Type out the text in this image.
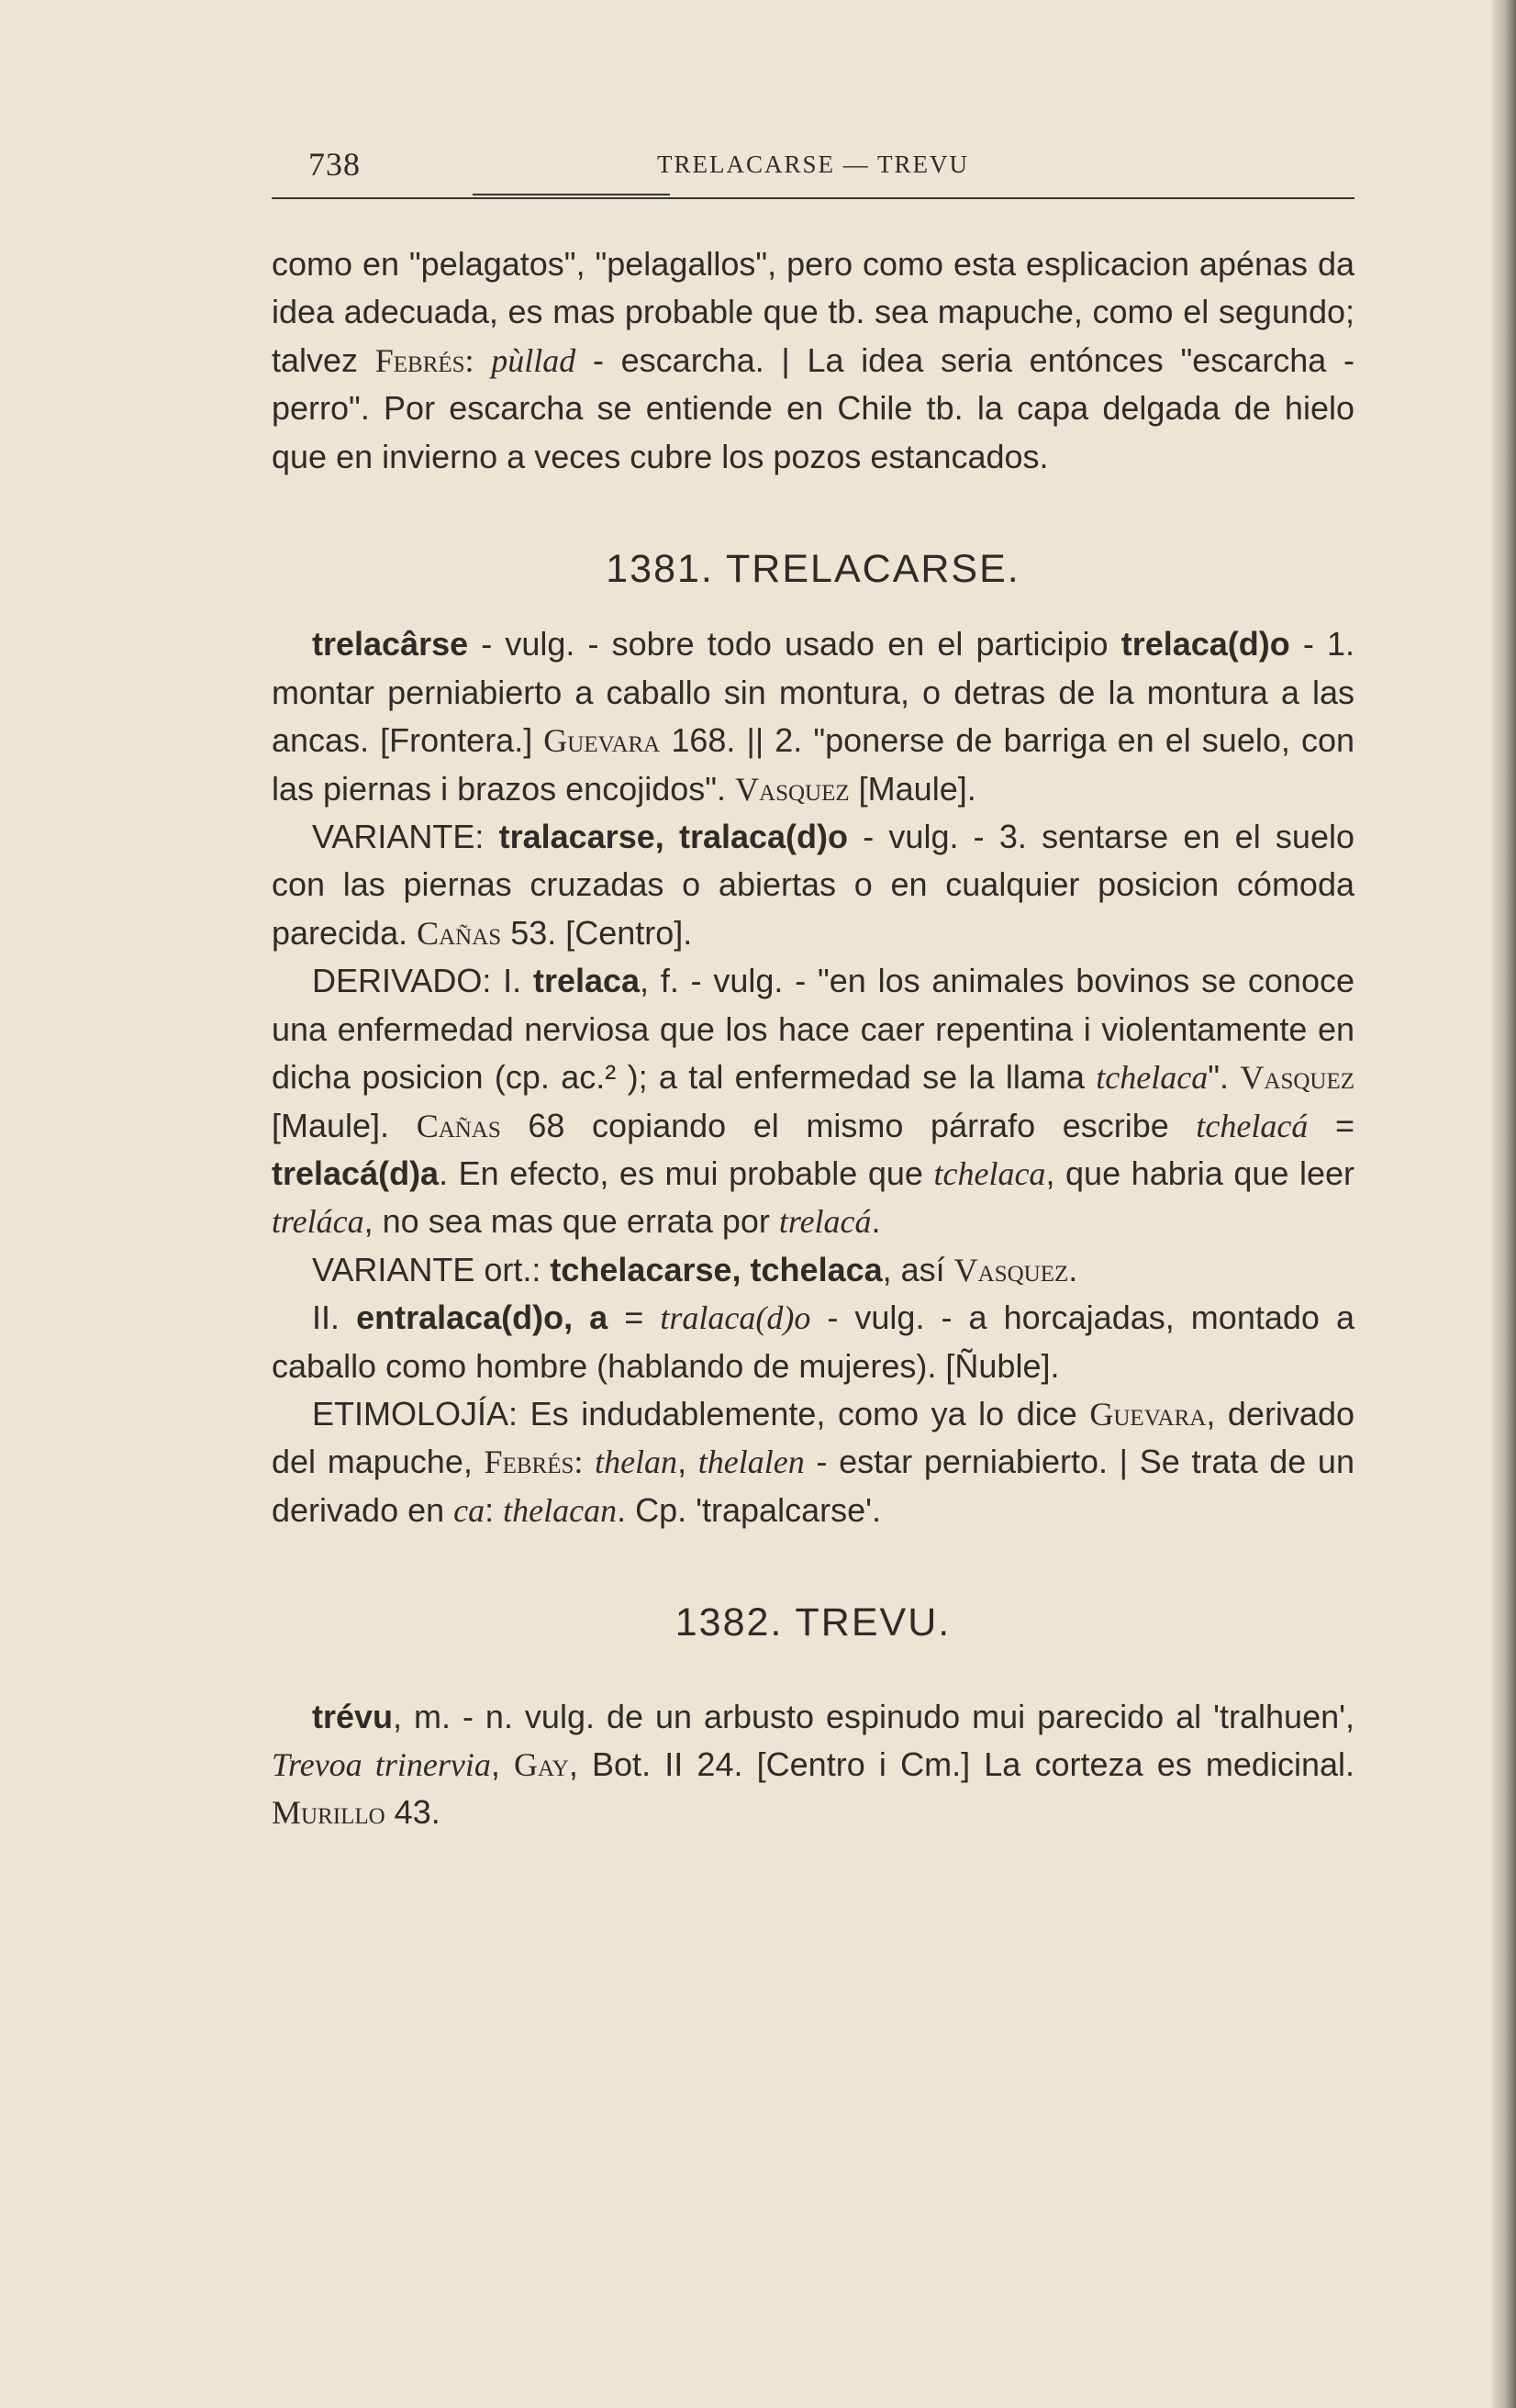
738	TRELACARSE — TREVU

como en "pelagatos", "pelagallos", pero como esta esplicacion apénas da idea adecuada, es mas probable que tb. sea mapuche, como el segundo; talvez Febrés: pùllad - escarcha. | La idea seria entónces "escarcha - perro". Por escarcha se entiende en Chile tb. la capa delgada de hielo que en invierno a veces cubre los pozos estancados.

1381. TRELACARSE.

trelacârse - vulg. - sobre todo usado en el participio trelaca(d)o - 1. montar perniabierto a caballo sin montura, o detras de la montura a las ancas. [Frontera.] Guevara 168. || 2. "ponerse de barriga en el suelo, con las piernas i brazos encojidos". Vasquez [Maule].

VARIANTE: tralacarse, tralaca(d)o - vulg. - 3. sentarse en el suelo con las piernas cruzadas o abiertas o en cualquier posicion cómoda parecida. Cañas 53. [Centro].

DERIVADO: I. trelaca, f. - vulg. - "en los animales bovinos se conoce una enfermedad nerviosa que los hace caer repentina i violentamente en dicha posicion (cp. ac.² ); a tal enfermedad se la llama tchelaca". Vasquez [Maule]. Cañas 68 copiando el mismo párrafo escribe tchelacá = trelacá(d)a. En efecto, es mui probable que tchelaca, que habria que leer treláca, no sea mas que errata por trelacá.

VARIANTE ort.: tchelacarse, tchelaca, así Vasquez.

II. entralaca(d)o, a = tralaca(d)o - vulg. - a horcajadas, montado a caballo como hombre (hablando de mujeres). [Ñuble].

ETIMOLOJÍA: Es indudablemente, como ya lo dice Guevara, derivado del mapuche, Febrés: thelan, thelalen - estar perniabierto. | Se trata de un derivado en ca: thelacan. Cp. 'trapalcarse'.

1382. TREVU.

trévu, m. - n. vulg. de un arbusto espinudo mui parecido al 'tralhuen', Trevoa trinervia, Gay, Bot. II 24. [Centro i Cm.] La corteza es medicinal. Murillo 43.
